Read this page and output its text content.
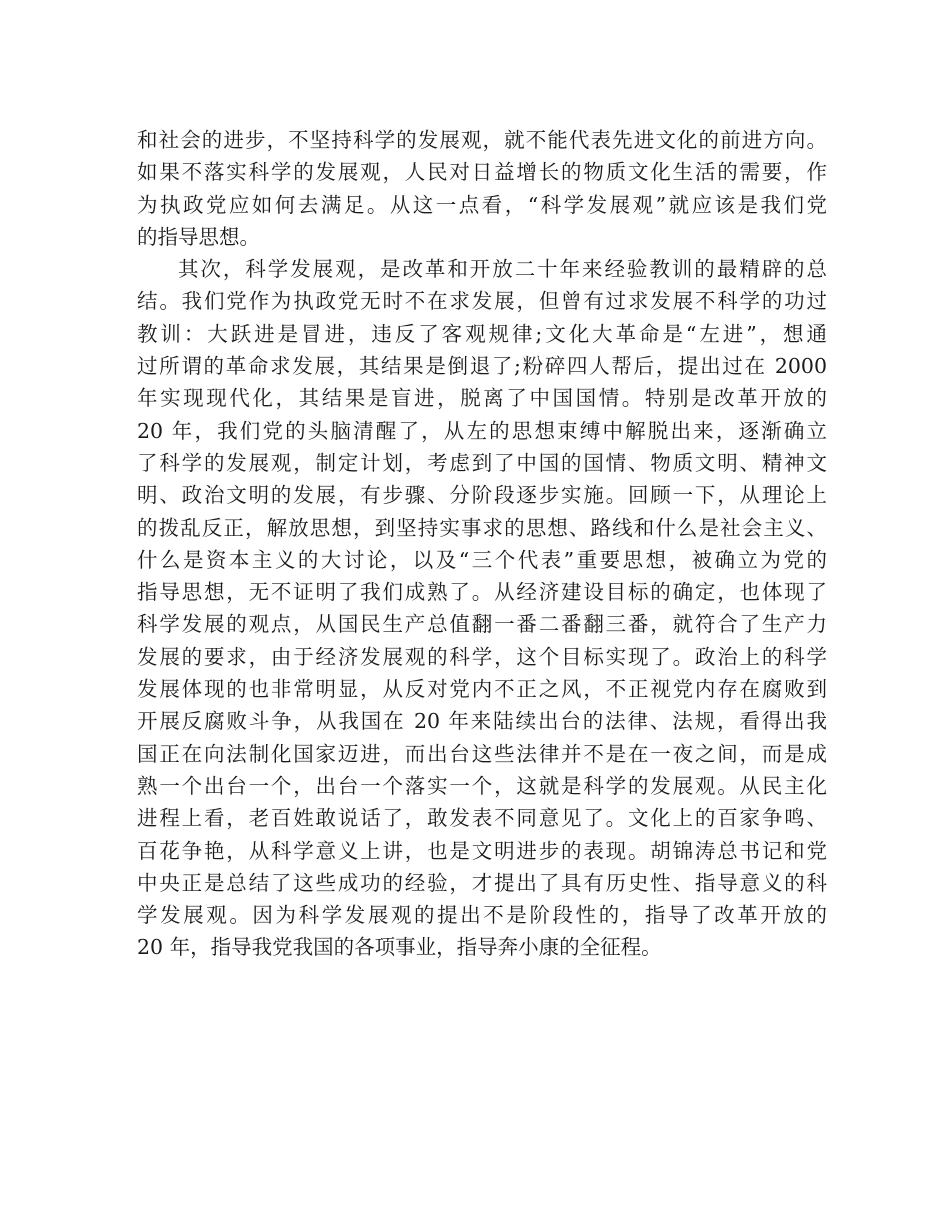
和社会的进步，不坚持科学的发展观，就不能代表先进文化的前进方向。
如果不落实科学的发展观，人民对日益增长的物质文化生活的需要，作
为执政党应如何去满足。从这一点看，“科学发展观”就应该是我们党
的指导思想。
其次，科学发展观，是改革和开放二十年来经验教训的最精辟的总
结。我们党作为执政党无时不在求发展，但曾有过求发展不科学的功过
教训：大跃进是冒进，违反了客观规律;文化大革命是“左进”，想通
过所谓的革命求发展，其结果是倒退了;粉碎四人帮后，提出过在 2000
年实现现代化，其结果是盲进，脱离了中国国情。特别是改革开放的
20 年，我们党的头脑清醒了，从左的思想束缚中解脱出来，逐渐确立
了科学的发展观，制定计划，考虑到了中国的国情、物质文明、精神文
明、政治文明的发展，有步骤、分阶段逐步实施。回顾一下，从理论上
的拨乱反正，解放思想，到坚持实事求的思想、路线和什么是社会主义、
什么是资本主义的大讨论，以及“三个代表”重要思想，被确立为党的
指导思想，无不证明了我们成熟了。从经济建设目标的确定，也体现了
科学发展的观点，从国民生产总值翻一番二番翻三番，就符合了生产力
发展的要求，由于经济发展观的科学，这个目标实现了。政治上的科学
发展体现的也非常明显，从反对党内不正之风，不正视党内存在腐败到
开展反腐败斗争，从我国在 20 年来陆续出台的法律、法规，看得出我
国正在向法制化国家迈进，而出台这些法律并不是在一夜之间，而是成
熟一个出台一个，出台一个落实一个，这就是科学的发展观。从民主化
进程上看，老百姓敢说话了，敢发表不同意见了。文化上的百家争鸣、
百花争艳，从科学意义上讲，也是文明进步的表现。胡锦涛总书记和党
中央正是总结了这些成功的经验，才提出了具有历史性、指导意义的科
学发展观。因为科学发展观的提出不是阶段性的，指导了改革开放的
20 年，指导我党我国的各项事业，指导奔小康的全征程。
